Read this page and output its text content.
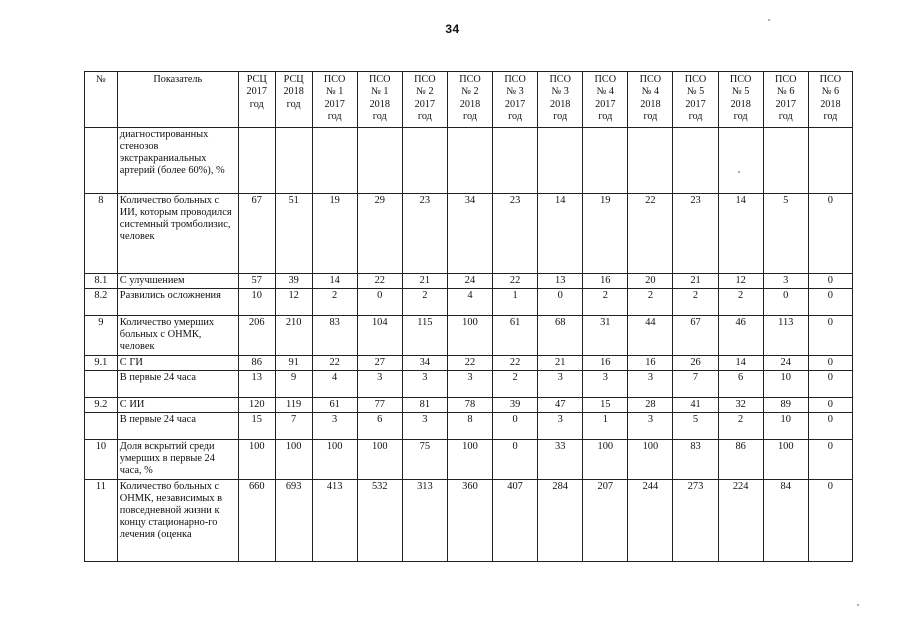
34
№	Показатель	РСЦ
2017
год	РСЦ
2018
год	ПСО
№ 1
2017
год	ПСО
№ 1
2018
год	ПСО
№ 2
2017
год	ПСО
№ 2
2018
год	ПСО
№ 3
2017
год	ПСО
№ 3
2018
год	ПСО
№ 4
2017
год	ПСО
№ 4
2018
год	ПСО
№ 5
2017
год	ПСО
№ 5
2018
год	ПСО
№ 6
2017
год	ПСО
№ 6
2018
год

	диагностированных стенозов экстракраниальных артерий (более 60%), %														
8	Количество больных с ИИ, которым проводился системный тромболизис, человек	67	51	19	29	23	34	23	14	19	22	23	14	5	0
8.1	С улучшением	57	39	14	22	21	24	22	13	16	20	21	12	3	0
8.2	Развились осложнения	10	12	2	0	2	4	1	0	2	2	2	2	0	0
9	Количество умерших больных с ОНМК, человек	206	210	83	104	115	100	61	68	31	44	67	46	113	0
9.1	С ГИ	86	91	22	27	34	22	22	21	16	16	26	14	24	0
	В первые 24 часа	13	9	4	3	3	3	2	3	3	3	7	6	10	0
9.2	С ИИ	120	119	61	77	81	78	39	47	15	28	41	32	89	0
	В первые 24 часа	15	7	3	6	3	8	0	3	1	3	5	2	10	0
10	Доля вскрытий среди умерших в первые 24 часа, %	100	100	100	100	75	100	0	33	100	100	83	86	100	0
11	Количество больных с ОНМК, независимых в повседневной жизни к концу стационарно-го лечения (оценка	660	693	413	532	313	360	407	284	207	244	273	224	84	0
